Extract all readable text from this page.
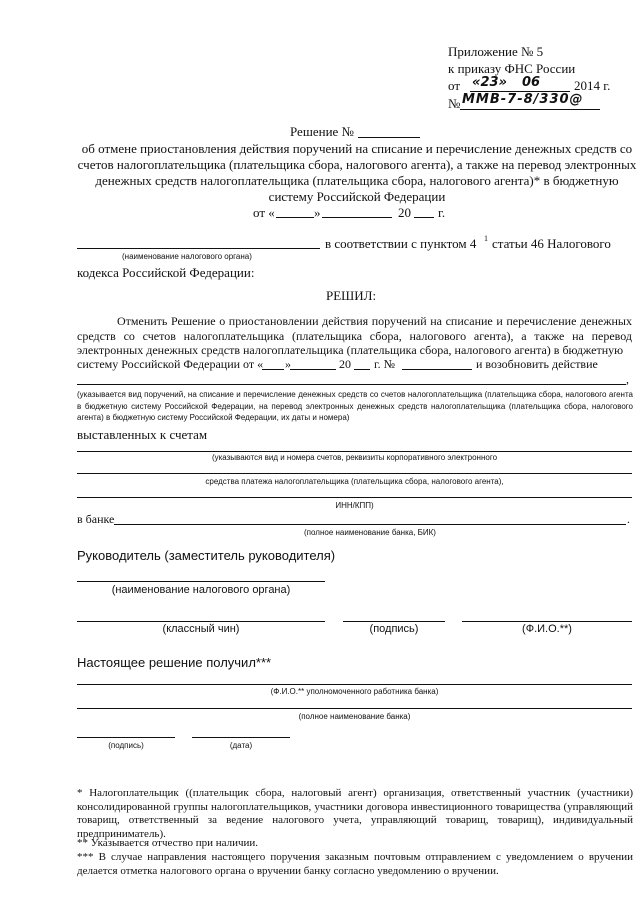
Приложение № 5
к приказу ФНС России
от «23» 06	2014 г.
№ ММВ-7-8/330@
Решение №
об отмене приостановления действия поручений на списание и перечисление денежных средств со счетов налогоплательщика (плательщика сбора, налогового агента), а также на перевод электронных денежных средств налогоплательщика (плательщика сбора, налогового агента)* в бюджетную систему Российской Федерации
от «	»	20 г.
в соответствии с пунктом 4 1 статьи 46 Налогового
(наименование налогового органа)
кодекса Российской Федерации:
РЕШИЛ:
Отменить Решение о приостановлении действия поручений на списание и перечисление денежных средств со счетов налогоплательщика (плательщика сбора, налогового агента), а также на перевод электронных денежных средств налогоплательщика (плательщика сбора, налогового агента) в бюджетную
систему Российской Федерации от « »	20 г. №	и возобновить действие
,
(указывается вид поручений, на списание и перечисление денежных средств со счетов налогоплательщика (плательщика сбора, налогового агента в бюджетную систему Российской Федерации, на перевод электронных денежных средств налогоплательщика (плательщика сбора, налогового агента) в бюджетную систему Российской Федерации, их даты и номера)
выставленных к счетам
(указываются вид и номера счетов, реквизиты корпоративного электронного
средства платежа налогоплательщика (плательщика сбора, налогового агента),
ИНН/КПП)
в банке	.
(полное наименование банка, БИК)
Руководитель (заместитель руководителя)
(наименование налогового органа)
(классный чин)	(подпись)	(Ф.И.О.**)
Настоящее решение получил***
(Ф.И.О.** уполномоченного работника банка)
(полное наименование банка)
(подпись)	(дата)
* Налогоплательщик ((плательщик сбора, налоговый агент) организация, ответственный участник (участники) консолидированной группы налогоплательщиков, участники договора инвестиционного товарищества (управляющий товарищ, ответственный за ведение налогового учета, управляющий товарищ, товарищ), индивидуальный предприниматель).
** Указывается отчество при наличии.
*** В случае направления настоящего поручения заказным почтовым отправлением с уведомлением о вручении делается отметка налогового органа о вручении банку согласно уведомлению о вручении.
